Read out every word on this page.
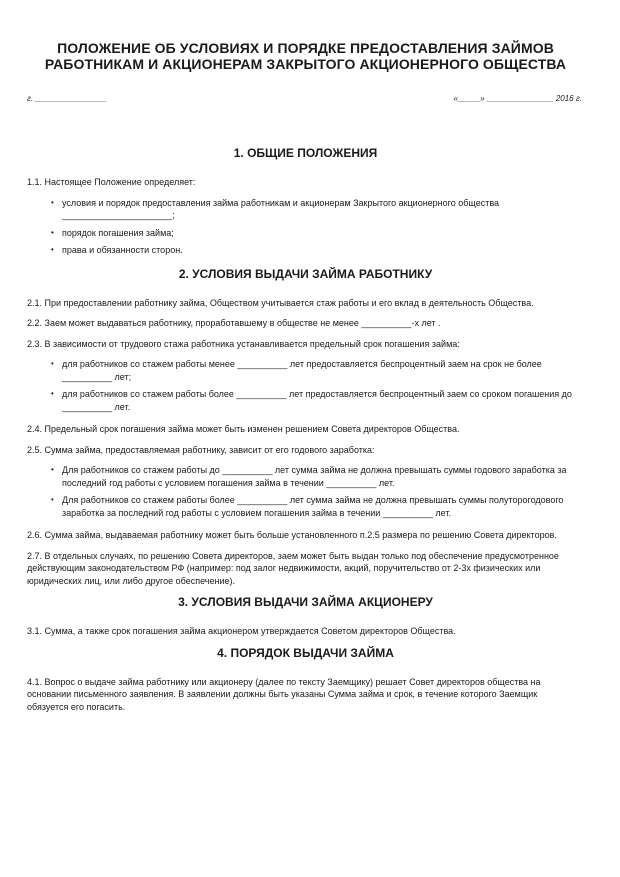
ПОЛОЖЕНИЕ ОБ УСЛОВИЯХ И ПОРЯДКЕ ПРЕДОСТАВЛЕНИЯ ЗАЙМОВ
РАБОТНИКАМ И АКЦИОНЕРАМ ЗАКРЫТОГО АКЦИОНЕРНОГО ОБЩЕСТВА
г. ________________	«_____» _______________ 2016 г.
1. ОБЩИЕ ПОЛОЖЕНИЯ

1.1. Настоящее Положение определяет:

• условия и порядок предоставления займа работникам и акционерам Закрытого акционерного общества ______________________;
• порядок погашения займа;
• права и обязанности сторон.
2. УСЛОВИЯ ВЫДАЧИ ЗАЙМА РАБОТНИКУ

2.1. При предоставлении работнику займа, Обществом учитывается стаж работы и его вклад в деятельность Общества.

2.2. Заем может выдаваться работнику, проработавшему в обществе не менее __________-х лет .

2.3. В зависимости от трудового стажа работника устанавливается предельный срок погашения займа:

• для работников со стажем работы менее __________ лет предоставляется беспроцентный заем на срок не более __________ лет;
• для работников со стажем работы более __________ лет предоставляется беспроцентный заем со сроком погашения до __________ лет.

2.4. Предельный срок погашения займа может быть изменен решением Совета директоров Общества.

2.5. Сумма займа, предоставляемая работнику, зависит от его годового заработка:

• Для работников со стажем работы до __________ лет сумма займа не должна превышать суммы годового заработка за последний год работы с условием погашения займа в течении __________ лет.
• Для работников со стажем работы более __________ лет сумма займа не должна превышать суммы полуторогодового заработка за последний год работы с условием погашения займа в течении __________ лет.

2.6. Сумма займа, выдаваемая работнику может быть больше установленного п.2.5 размера по решению Совета директоров.

2.7. В отдельных случаях, по решению Совета директоров, заем может быть выдан только под обеспечение предусмотренное действующим законодательством РФ (например: под залог недвижимости, акций, поручительство от 2-3х физических или юридических лиц, или либо другое обеспечение).

3. УСЛОВИЯ ВЫДАЧИ ЗАЙМА АКЦИОНЕРУ

3.1. Сумма, а также срок погашения займа акционером утверждается Советом директоров Общества.

4. ПОРЯДОК ВЫДАЧИ ЗАЙМА

4.1. Вопрос о выдаче займа работнику или акционеру (далее по тексту Заемщику) решает Совет директоров общества на основании письменного заявления. В заявлении должны быть указаны Сумма займа и срок, в течение которого Заемщик обязуется его погасить.
